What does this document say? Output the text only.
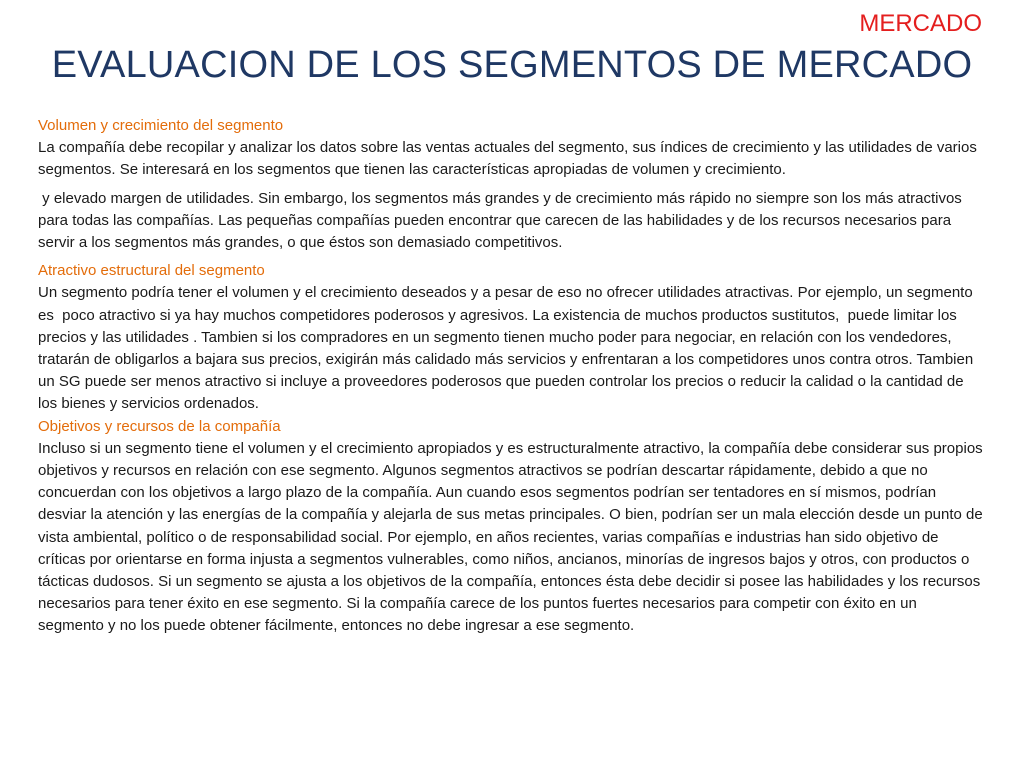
MERCADO
EVALUACION DE LOS SEGMENTOS DE MERCADO
Volumen y crecimiento del segmento
La compañía debe recopilar y analizar los datos sobre las ventas actuales del segmento, sus índices de crecimiento y las utilidades de varios segmentos. Se interesará en los segmentos que tienen las características apropiadas de volumen y crecimiento.
y elevado margen de utilidades. Sin embargo, los segmentos más grandes y de crecimiento más rápido no siempre son los más atractivos para todas las compañías. Las pequeñas compañías pueden encontrar que carecen de las habilidades y de los recursos necesarios para servir a los segmentos más grandes, o que éstos son demasiado competitivos.
Atractivo estructural del segmento
Un segmento podría tener el volumen y el crecimiento deseados y a pesar de eso no ofrecer utilidades atractivas. Por ejemplo, un segmento es  poco atractivo si ya hay muchos competidores poderosos y agresivos. La existencia de muchos productos sustitutos,  puede limitar los precios y las utilidades . Tambien si los compradores en un segmento tienen mucho poder para negociar, en relación con los vendedores, tratarán de obligarlos a bajara sus precios, exigirán más calidado más servicios y enfrentaran a los competidores unos contra otros. Tambien un SG puede ser menos atractivo si incluye a proveedores poderosos que pueden controlar los precios o reducir la calidad o la cantidad de los bienes y servicios ordenados.
Objetivos y recursos de la compañía
Incluso si un segmento tiene el volumen y el crecimiento apropiados y es estructuralmente atractivo, la compañía debe considerar sus propios objetivos y recursos en relación con ese segmento. Algunos segmentos atractivos se podrían descartar rápidamente, debido a que no concuerdan con los objetivos a largo plazo de la compañía. Aun cuando esos segmentos podrían ser tentadores en sí mismos, podrían desviar la atención y las energías de la compañía y alejarla de sus metas principales. O bien, podrían ser un mala elección desde un punto de vista ambiental, político o de responsabilidad social. Por ejemplo, en años recientes, varias compañías e industrias han sido objetivo de críticas por orientarse en forma injusta a segmentos vulnerables, como niños, ancianos, minorías de ingresos bajos y otros, con productos o tácticas dudosos. Si un segmento se ajusta a los objetivos de la compañía, entonces ésta debe decidir si posee las habilidades y los recursos necesarios para tener éxito en ese segmento. Si la compañía carece de los puntos fuertes necesarios para competir con éxito en un segmento y no los puede obtener fácilmente, entonces no debe ingresar a ese segmento.
